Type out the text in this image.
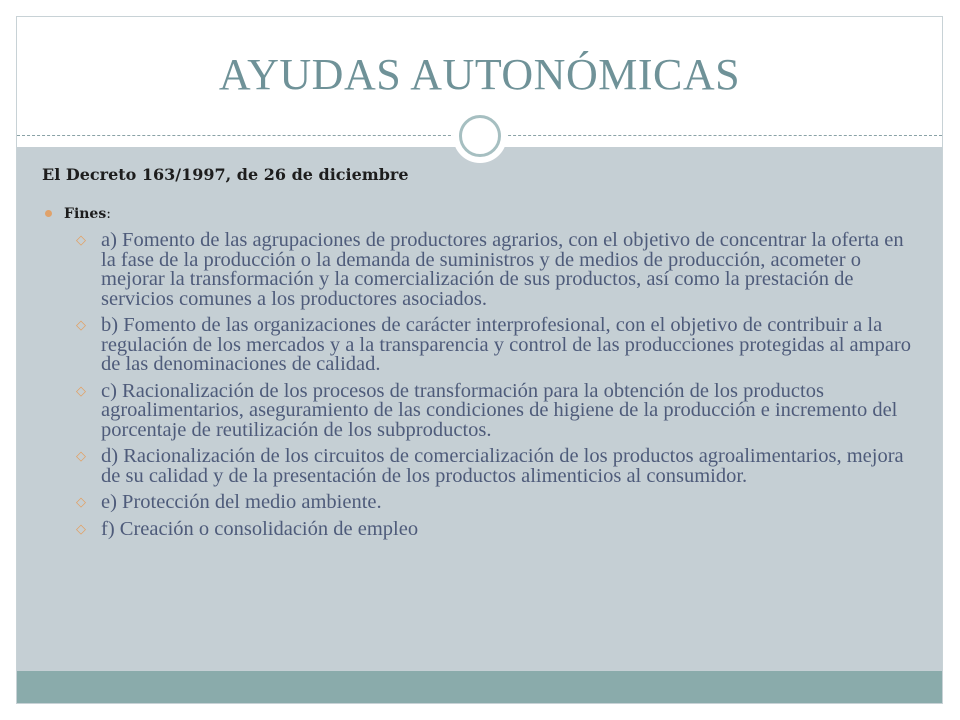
AYUDAS AUTONÓMICAS

El Decreto 163/1997, de 26 de diciembre

Fines:

◇ a) Fomento de las agrupaciones de productores agrarios, con el objetivo de concentrar la oferta en la fase de la producción o la demanda de suministros y de medios de producción, acometer o mejorar la transformación y la comercialización de sus productos, así como la prestación de servicios comunes a los productores asociados.
◇ b) Fomento de las organizaciones de carácter interprofesional, con el objetivo de contribuir a la regulación de los mercados y a la transparencia y control de las producciones protegidas al amparo de las denominaciones de calidad.
◇ c) Racionalización de los procesos de transformación para la obtención de los productos agroalimentarios, aseguramiento de las condiciones de higiene de la producción e incremento del porcentaje de reutilización de los subproductos.
◇ d) Racionalización de los circuitos de comercialización de los productos agroalimentarios, mejora de su calidad y de la presentación de los productos alimenticios al consumidor.
◇ e) Protección del medio ambiente.
◇ f) Creación o consolidación de empleo
